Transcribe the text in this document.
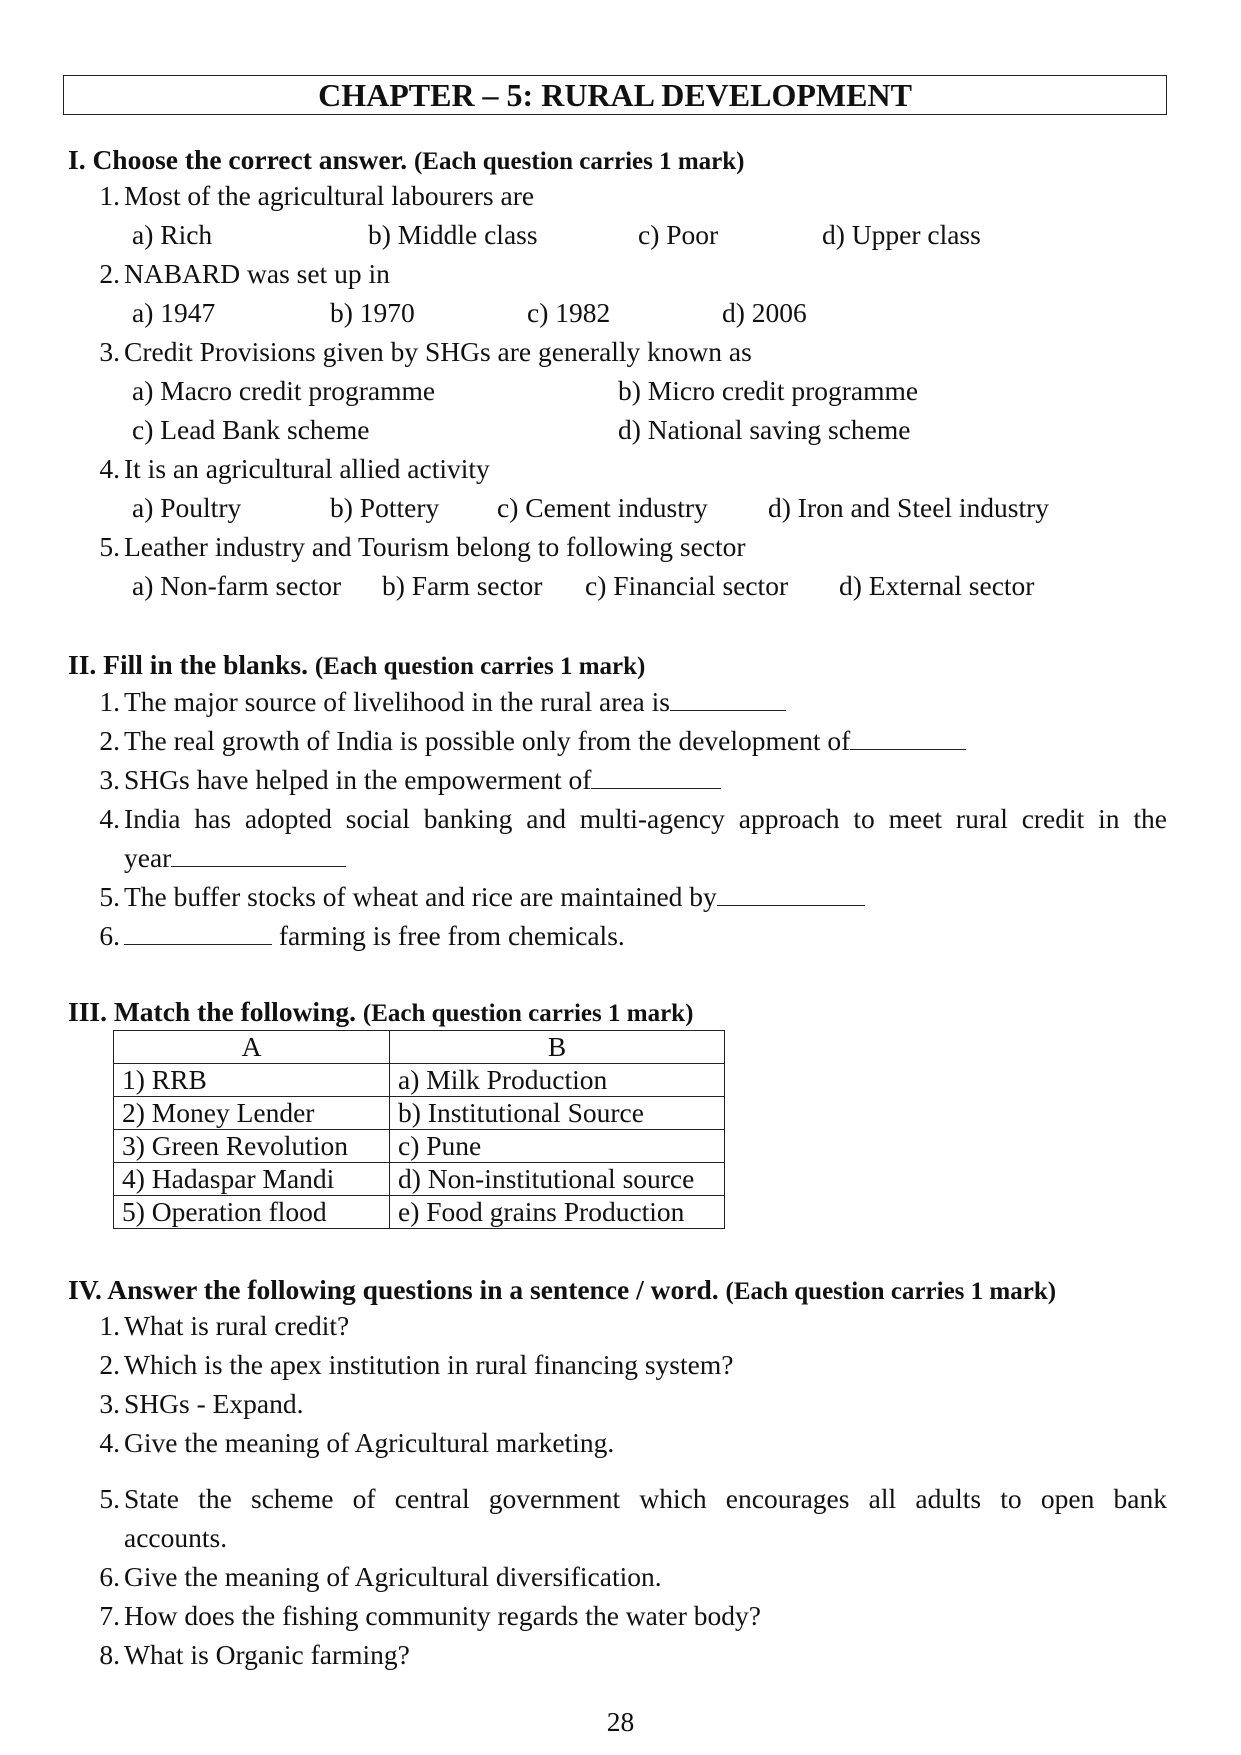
CHAPTER – 5: RURAL DEVELOPMENT
I. Choose the correct answer. (Each question carries 1 mark)
1. Most of the agricultural labourers are
a) Rich	b) Middle class	c) Poor	d) Upper class
2. NABARD was set up in
a) 1947	b) 1970	c) 1982	d) 2006
3. Credit Provisions given by SHGs are generally known as
a) Macro credit programme	b) Micro credit programme
c) Lead Bank scheme	d) National saving scheme
4. It is an agricultural allied activity
a) Poultry	b) Pottery c) Cement industry d) Iron and Steel industry
5. Leather industry and Tourism belong to following sector
a) Non-farm sector b) Farm sector c) Financial sector d) External sector
II. Fill in the blanks. (Each question carries 1 mark)
1. The major source of livelihood in the rural area is
2. The real growth of India is possible only from the development of
3. SHGs have helped in the empowerment of
4. India has adopted social banking and multi-agency approach to meet rural credit in the
year
5. The buffer stocks of wheat and rice are maintained by
6.	farming is free from chemicals.
III. Match the following. (Each question carries 1 mark)
A	B
1) RRB	a) Milk Production
2) Money Lender	b) Institutional Source
3) Green Revolution	c) Pune
4) Hadaspar Mandi	d) Non-institutional source
5) Operation flood	e) Food grains Production
IV. Answer the following questions in a sentence / word. (Each question carries 1 mark)
1. What is rural credit?
2. Which is the apex institution in rural financing system?
3. SHGs - Expand.
4. Give the meaning of Agricultural marketing.
5. State the scheme of central government which encourages all adults to open bank
accounts.
6. Give the meaning of Agricultural diversification.
7. How does the fishing community regards the water body?
8. What is Organic farming?
28
